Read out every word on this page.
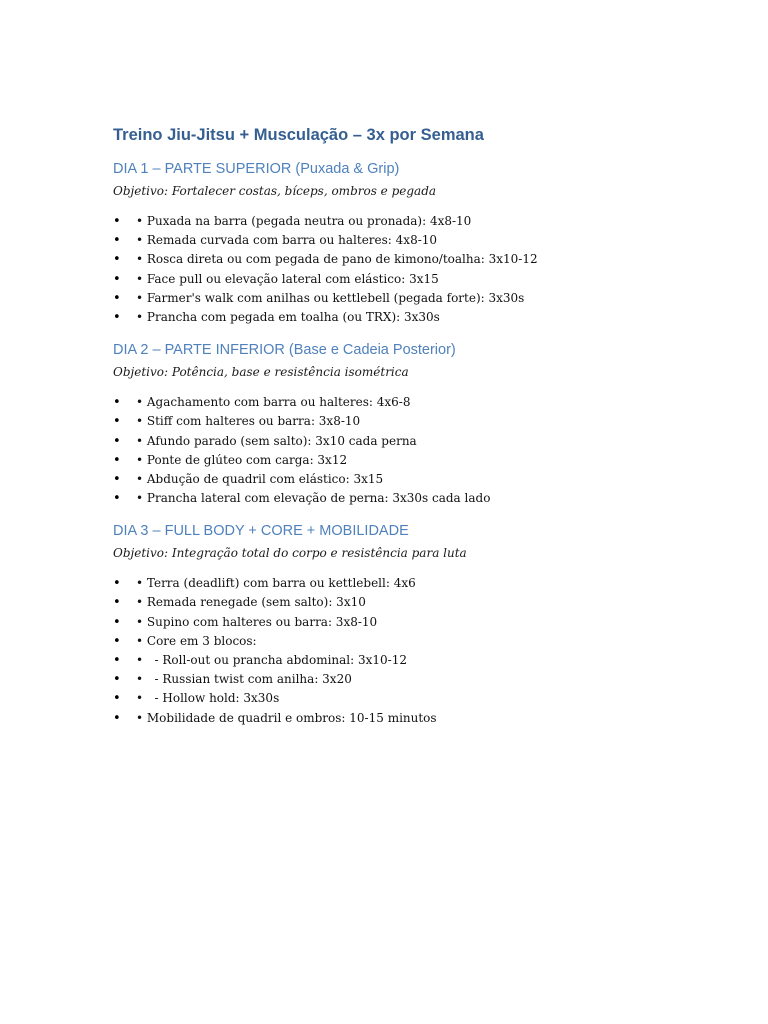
Treino Jiu-Jitsu + Musculação – 3x por Semana
DIA 1 – PARTE SUPERIOR (Puxada & Grip)

Objetivo: Fortalecer costas, bíceps, ombros e pegada

• • Puxada na barra (pegada neutra ou pronada): 4x8-10
• • Remada curvada com barra ou halteres: 4x8-10
• • Rosca direta ou com pegada de pano de kimono/toalha: 3x10-12
• • Face pull ou elevação lateral com elástico: 3x15
• • Farmer's walk com anilhas ou kettlebell (pegada forte): 3x30s
• • Prancha com pegada em toalha (ou TRX): 3x30s
DIA 2 – PARTE INFERIOR (Base e Cadeia Posterior)

Objetivo: Potência, base e resistência isométrica

• • Agachamento com barra ou halteres: 4x6-8
• • Stiff com halteres ou barra: 3x8-10
• • Afundo parado (sem salto): 3x10 cada perna
• • Ponte de glúteo com carga: 3x12
• • Abdução de quadril com elástico: 3x15
• • Prancha lateral com elevação de perna: 3x30s cada lado
DIA 3 – FULL BODY + CORE + MOBILIDADE

Objetivo: Integração total do corpo e resistência para luta

• • Terra (deadlift) com barra ou kettlebell: 4x6
• • Remada renegade (sem salto): 3x10
• • Supino com halteres ou barra: 3x8-10
• • Core em 3 blocos:
• •   - Roll-out ou prancha abdominal: 3x10-12
• •   - Russian twist com anilha: 3x20
• •   - Hollow hold: 3x30s
• • Mobilidade de quadril e ombros: 10-15 minutos
